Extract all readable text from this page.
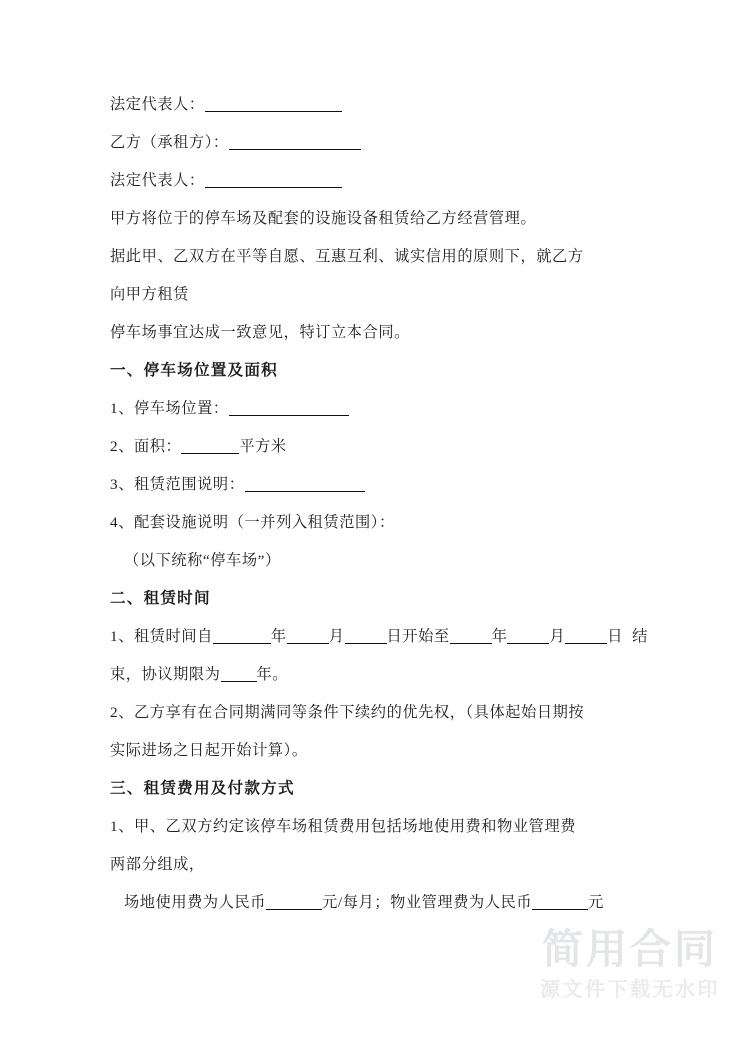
法定代表人：
乙方（承租方）：
法定代表人：
甲方将位于的停车场及配套的设施设备租赁给乙方经营管理。
据此甲、乙双方在平等自愿、互惠互利、诚实信用的原则下，就乙方
向甲方租赁
停车场事宜达成一致意见，特订立本合同。
一、停车场位置及面积
1、停车场位置：
2、面积：	平方米
3、租赁范围说明：
4、配套设施说明（一并列入租赁范围）：
（以下统称“停车场”）
二、租赁时间
1、租赁时间自	年	月	日开始至	年	月	日 结
束，协议期限为 年。
2、乙方享有在合同期满同等条件下续约的优先权，（具体起始日期按
实际进场之日起开始计算）。
三、租赁费用及付款方式
1、甲、乙双方约定该停车场租赁费用包括场地使用费和物业管理费
两部分组成，
场地使用费为人民币	元/每月；物业管理费为人民币	元
简用合同
源文件下载无水印
